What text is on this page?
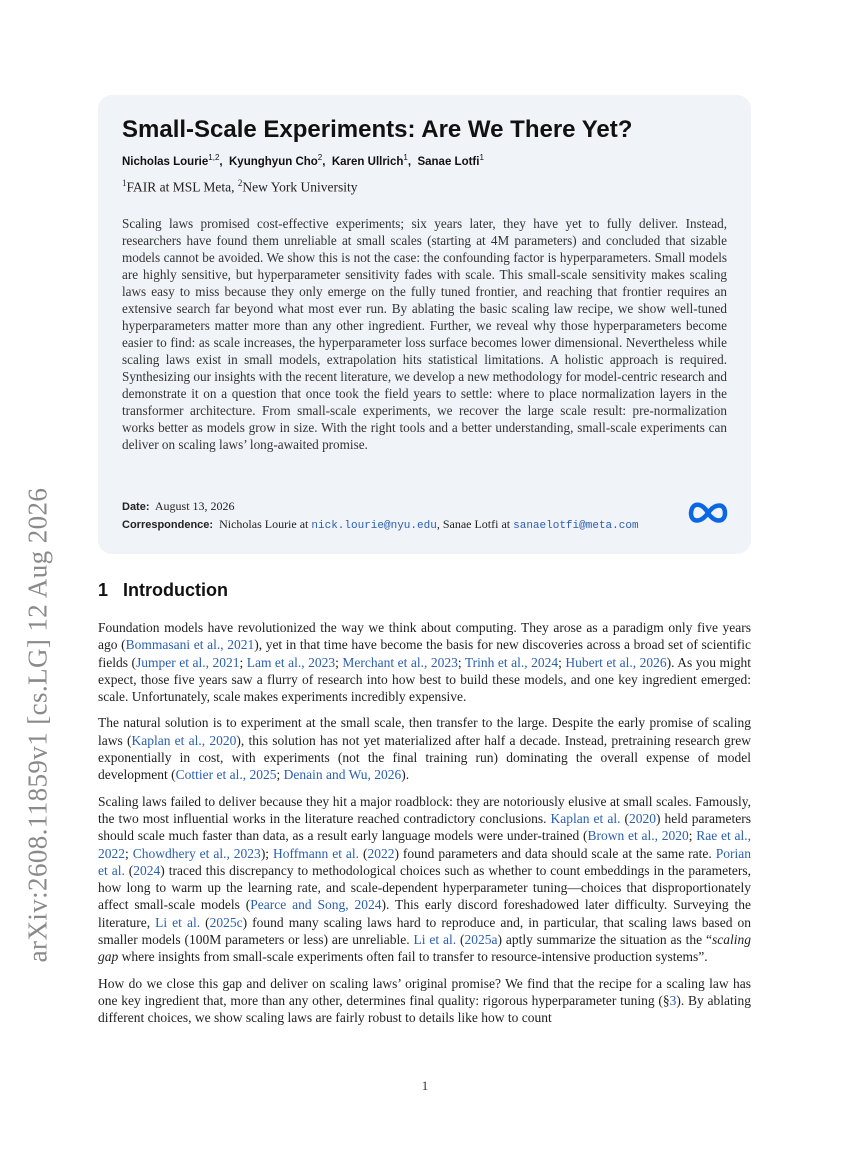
arXiv:2608.11859v1 [cs.LG] 12 Aug 2026
Small-Scale Experiments: Are We There Yet?
Nicholas Lourie$^{1,2}$,  Kyunghyun Cho$^2$,  Karen Ullrich$^1$,  Sanae Lotfi$^1$
$^1$FAIR at MSL Meta, $^2$New York University
Scaling laws promised cost-effective experiments; six years later, they have yet to fully deliver. Instead, researchers have found them unreliable at small scales (starting at 4M parameters) and concluded that sizable models cannot be avoided. We show this is not the case: the confounding factor is hyperparameters. Small models are highly sensitive, but hyperparameter sensitivity fades with scale. This small-scale sensitivity makes scaling laws easy to miss because they only emerge on the fully tuned frontier, and reaching that frontier requires an extensive search far beyond what most ever run. By ablating the basic scaling law recipe, we show well-tuned hyperparameters matter more than any other ingredient. Further, we reveal why those hyperparameters become easier to find: as scale increases, the hyperparameter loss surface becomes lower dimensional. Nevertheless while scaling laws exist in small models, extrapolation hits statistical limitations. A holistic approach is required. Synthesizing our insights with the recent literature, we develop a new methodology for model-centric research and demonstrate it on a question that once took the field years to settle: where to place normalization layers in the transformer architecture. From small-scale experiments, we recover the large scale result: pre-normalization works better as models grow in size. With the right tools and a better understanding, small-scale experiments can deliver on scaling laws’ long-awaited promise.
Date: August 13, 2026
Correspondence: Nicholas Lourie at nick.lourie@nyu.edu, Sanae Lotfi at sanaelotfi@meta.com
1 Introduction

Foundation models have revolutionized the way we think about computing. They arose as a paradigm only five years ago (Bommasani et al., 2021), yet in that time have become the basis for new discoveries across a broad set of scientific fields (Jumper et al., 2021; Lam et al., 2023; Merchant et al., 2023; Trinh et al., 2024; Hubert et al., 2026). As you might expect, those five years saw a flurry of research into how best to build these models, and one key ingredient emerged: scale. Unfortunately, scale makes experiments incredibly expensive.

The natural solution is to experiment at the small scale, then transfer to the large. Despite the early promise of scaling laws (Kaplan et al., 2020), this solution has not yet materialized after half a decade. Instead, pretraining research grew exponentially in cost, with experiments (not the final training run) dominating the overall expense of model development (Cottier et al., 2025; Denain and Wu, 2026).

Scaling laws failed to deliver because they hit a major roadblock: they are notoriously elusive at small scales. Famously, the two most influential works in the literature reached contradictory conclusions. Kaplan et al. (2020) held parameters should scale much faster than data, as a result early language models were under-trained (Brown et al., 2020; Rae et al., 2022; Chowdhery et al., 2023); Hoffmann et al. (2022) found parameters and data should scale at the same rate. Porian et al. (2024) traced this discrepancy to methodological choices such as whether to count embeddings in the parameters, how long to warm up the learning rate, and scale-dependent hyperparameter tuning—choices that disproportionately affect small-scale models (Pearce and Song, 2024). This early discord foreshadowed later difficulty. Surveying the literature, Li et al. (2025c) found many scaling laws hard to reproduce and, in particular, that scaling laws based on smaller models (100M parameters or less) are unreliable. Li et al. (2025a) aptly summarize the situation as the “scaling gap where insights from small-scale experiments often fail to transfer to resource-intensive production systems”.

How do we close this gap and deliver on scaling laws’ original promise? We find that the recipe for a scaling law has one key ingredient that, more than any other, determines final quality: rigorous hyperparameter tuning (§3). By ablating different choices, we show scaling laws are fairly robust to details like how to count

1
